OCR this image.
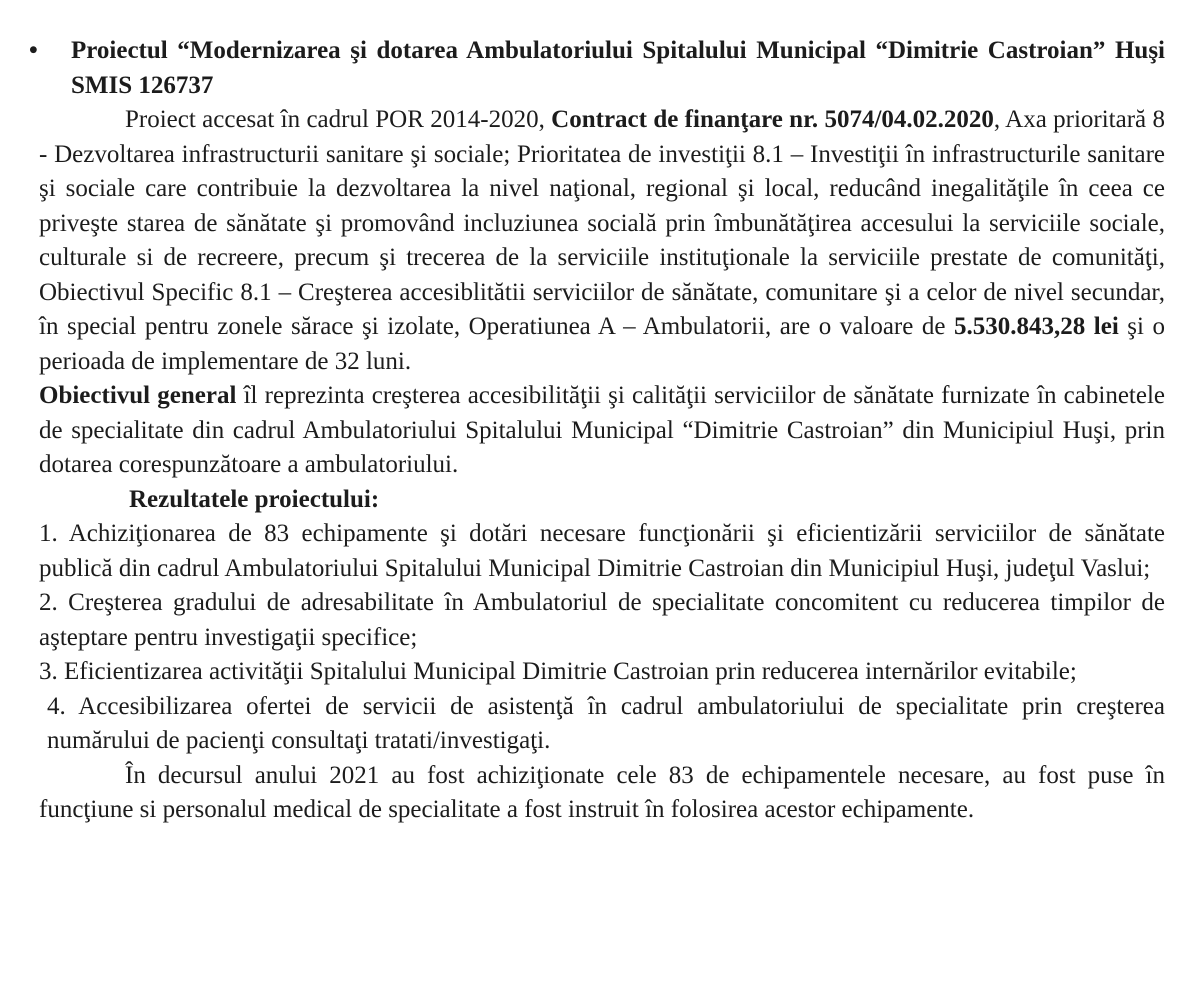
•	Proiectul “Modernizarea şi dotarea Ambulatoriului Spitalului Municipal “Dimitrie Castroian” Huşi SMIS 126737

Proiect accesat în cadrul POR 2014-2020, Contract de finanţare nr. 5074/04.02.2020, Axa prioritară 8 - Dezvoltarea infrastructurii sanitare şi sociale; Prioritatea de investiţii 8.1 – Investiţii în infrastructurile sanitare şi sociale care contribuie la dezvoltarea la nivel naţional, regional şi local, reducând inegalităţile în ceea ce priveşte starea de sănătate şi promovând incluziunea socială prin îmbunătăţirea accesului la serviciile sociale, culturale si de recreere, precum şi trecerea de la serviciile instituţionale la serviciile prestate de comunităţi, Obiectivul Specific 8.1 – Creşterea accesiblitătii serviciilor de sănătate, comunitare şi a celor de nivel secundar, în special pentru zonele sărace şi izolate, Operatiunea A – Ambulatorii, are o valoare de 5.530.843,28 lei şi o perioada de implementare de 32 luni.

Obiectivul general îl reprezinta creşterea accesibilităţii şi calităţii serviciilor de sănătate furnizate în cabinetele de specialitate din cadrul Ambulatoriului Spitalului Municipal “Dimitrie Castroian” din Municipiul Huşi, prin dotarea corespunzătoare a ambulatoriului.

Rezultatele proiectului:

1. Achiziţionarea de 83 echipamente şi dotări necesare funcţionării şi eficientizării serviciilor de sănătate publică din cadrul Ambulatoriului Spitalului Municipal Dimitrie Castroian din Municipiul Huşi, judeţul Vaslui;

2. Creşterea gradului de adresabilitate în Ambulatoriul de specialitate concomitent cu reducerea timpilor de aşteptare pentru investigaţii specifice;

3. Eficientizarea activităţii Spitalului Municipal Dimitrie Castroian prin reducerea internărilor evitabile;

4. Accesibilizarea ofertei de servicii de asistenţă în cadrul ambulatoriului de specialitate prin creşterea numărului de pacienţi consultaţi tratati/investigaţi.

În decursul anului 2021 au fost achiziţionate cele 83 de echipamentele necesare, au fost puse în funcţiune si personalul medical de specialitate a fost instruit în folosirea acestor echipamente.
